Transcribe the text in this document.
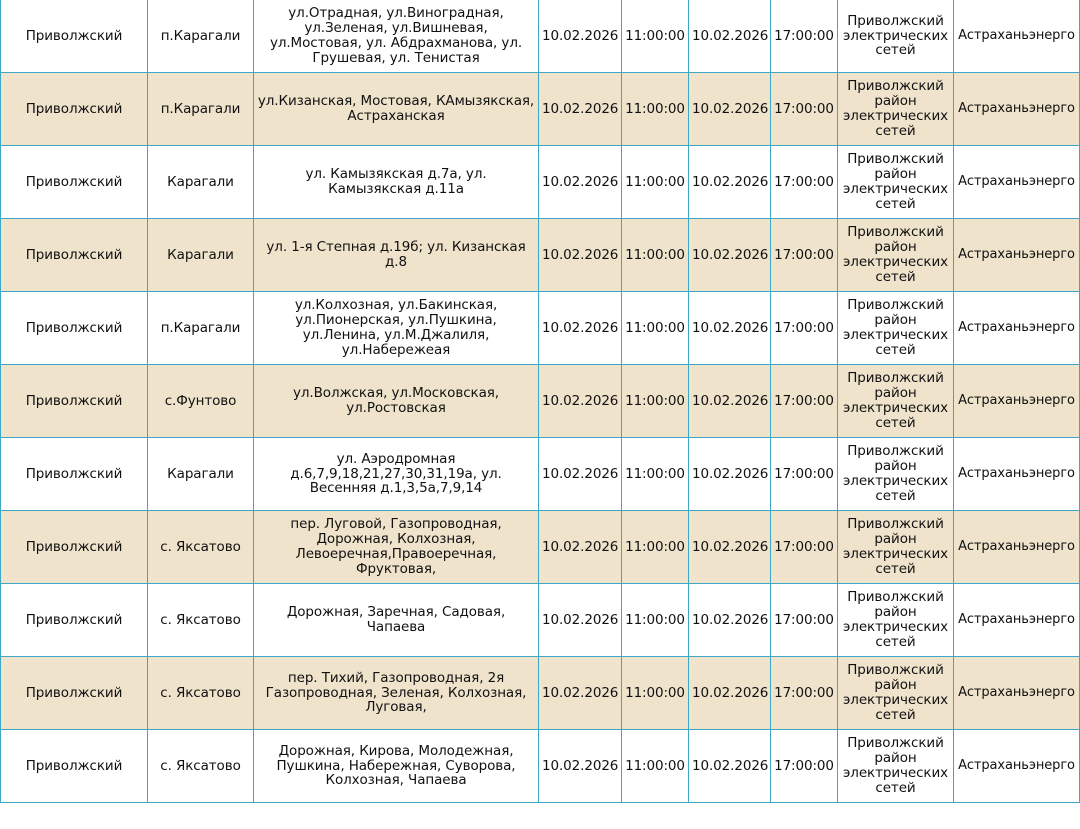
Приволжский	п.Карагали	ул.Отрадная, ул.Виноградная, ул.Зеленая, ул.Вишневая, ул.Мостовая, ул. Абдрахманова, ул. Грушевая, ул. Тенистая	10.02.2026	11:00:00	10.02.2026	17:00:00	Приволжский электрических сетей	Астраханьэнерго
Приволжский	п.Карагали	ул.Кизанская, Мостовая, КАмызякская, Астраханская	10.02.2026	11:00:00	10.02.2026	17:00:00	Приволжский район электрических сетей	Астраханьэнерго
Приволжский	Карагали	ул. Камызякская д.7а, ул. Камызякская д.11а	10.02.2026	11:00:00	10.02.2026	17:00:00	Приволжский район электрических сетей	Астраханьэнерго
Приволжский	Карагали	ул. 1-я Степная д.19б; ул. Кизанская д.8	10.02.2026	11:00:00	10.02.2026	17:00:00	Приволжский район электрических сетей	Астраханьэнерго
Приволжский	п.Карагали	ул.Колхозная, ул.Бакинская, ул.Пионерская, ул.Пушкина, ул.Ленина, ул.М.Джалиля, ул.Набережеая	10.02.2026	11:00:00	10.02.2026	17:00:00	Приволжский район электрических сетей	Астраханьэнерго
Приволжский	с.Фунтово	ул.Волжская, ул.Московская, ул.Ростовская	10.02.2026	11:00:00	10.02.2026	17:00:00	Приволжский район электрических сетей	Астраханьэнерго
Приволжский	Карагали	ул. Аэродромная д.6,7,9,18,21,27,30,31,19а, ул. Весенняя д.1,3,5а,7,9,14	10.02.2026	11:00:00	10.02.2026	17:00:00	Приволжский район электрических сетей	Астраханьэнерго
Приволжский	с. Яксатово	пер. Луговой, Газопроводная, Дорожная, Колхозная, Левоеречная,Правоеречная, Фруктовая,	10.02.2026	11:00:00	10.02.2026	17:00:00	Приволжский район электрических сетей	Астраханьэнерго
Приволжский	с. Яксатово	Дорожная, Заречная, Садовая, Чапаева	10.02.2026	11:00:00	10.02.2026	17:00:00	Приволжский район электрических сетей	Астраханьэнерго
Приволжский	с. Яксатово	пер. Тихий, Газопроводная, 2я Газопроводная, Зеленая, Колхозная, Луговая,	10.02.2026	11:00:00	10.02.2026	17:00:00	Приволжский район электрических сетей	Астраханьэнерго
Приволжский	с. Яксатово	Дорожная, Кирова, Молодежная, Пушкина, Набережная, Суворова, Колхозная, Чапаева	10.02.2026	11:00:00	10.02.2026	17:00:00	Приволжский район электрических сетей	Астраханьэнерго
